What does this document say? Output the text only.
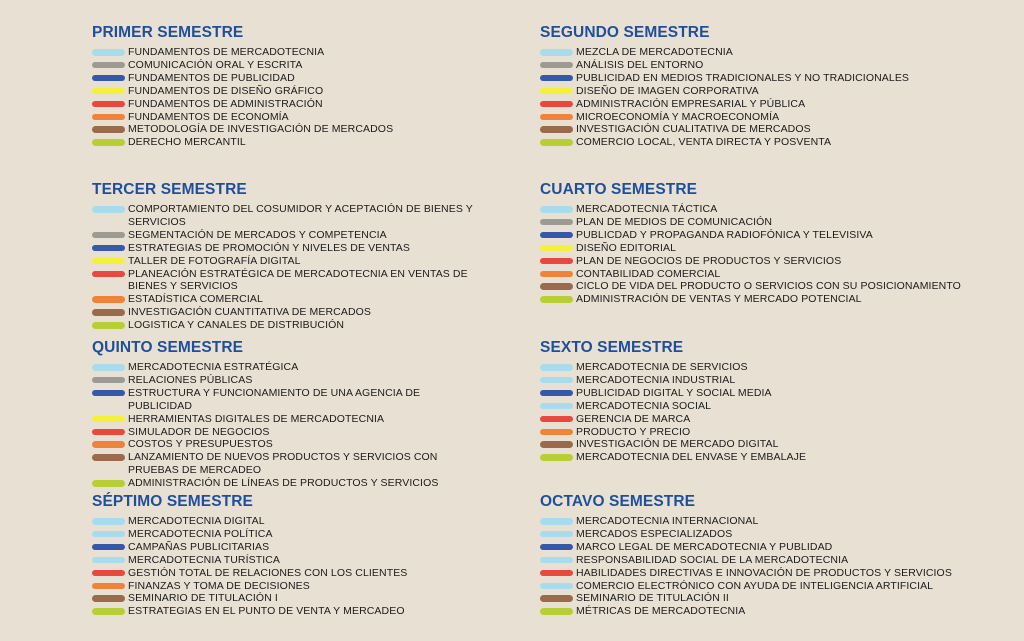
PRIMER SEMESTRE
FUNDAMENTOS DE MERCADOTECNIA
COMUNICACIÓN ORAL Y ESCRITA
FUNDAMENTOS DE PUBLICIDAD
FUNDAMENTOS DE DISEÑO GRÁFICO
FUNDAMENTOS DE ADMINISTRACIÓN
FUNDAMENTOS DE ECONOMÍA
METODOLOGÍA DE INVESTIGACIÓN DE MERCADOS
DERECHO MERCANTIL
SEGUNDO SEMESTRE
MEZCLA DE MERCADOTECNIA
ANÁLISIS DEL ENTORNO
PUBLICIDAD EN MEDIOS TRADICIONALES Y NO TRADICIONALES
DISEÑO DE IMAGEN CORPORATIVA
ADMINISTRACIÓN EMPRESARIAL Y PÚBLICA
MICROECONOMÍA Y MACROECONOMÍA
INVESTIGACIÓN CUALITATIVA DE MERCADOS
COMERCIO LOCAL, VENTA DIRECTA Y POSVENTA
TERCER SEMESTRE
COMPORTAMIENTO DEL COSUMIDOR Y ACEPTACIÓN DE BIENES Y SERVICIOS
SEGMENTACIÓN DE MERCADOS Y COMPETENCIA
ESTRATEGIAS DE PROMOCIÓN Y NIVELES DE VENTAS
TALLER DE FOTOGRAFÍA DIGITAL
PLANEACIÓN ESTRATÉGICA DE MERCADOTECNIA EN VENTAS DE BIENES Y SERVICIOS
ESTADÍSTICA COMERCIAL
INVESTIGACIÓN CUANTITATIVA DE MERCADOS
LOGISTICA Y CANALES DE DISTRIBUCIÓN
CUARTO SEMESTRE
MERCADOTECNIA TÁCTICA
PLAN DE MEDIOS DE COMUNICACIÓN
PUBLICDAD Y PROPAGANDA RADIOFÓNICA Y TELEVISIVA
DISEÑO EDITORIAL
PLAN DE NEGOCIOS DE PRODUCTOS Y SERVICIOS
CONTABILIDAD COMERCIAL
CICLO DE VIDA DEL PRODUCTO O SERVICIOS CON SU POSICIONAMIENTO
ADMINISTRACIÓN DE VENTAS Y MERCADO POTENCIAL
QUINTO SEMESTRE
MERCADOTECNIA ESTRATÉGICA
RELACIONES PÚBLICAS
ESTRUCTURA Y FUNCIONAMIENTO DE UNA AGENCIA DE PUBLICIDAD
HERRAMIENTAS DIGITALES DE MERCADOTECNIA
SIMULADOR DE NEGOCIOS
COSTOS Y PRESUPUESTOS
LANZAMIENTO DE NUEVOS PRODUCTOS Y SERVICIOS CON PRUEBAS DE MERCADEO
ADMINISTRACIÓN DE LÍNEAS DE PRODUCTOS Y SERVICIOS
SEXTO SEMESTRE
MERCADOTECNIA DE SERVICIOS
MERCADOTECNIA INDUSTRIAL
PUBLICIDAD DIGITAL Y SOCIAL MEDIA
MERCADOTECNIA SOCIAL
GERENCIA DE MARCA
PRODUCTO Y PRECIO
INVESTIGACIÓN DE MERCADO DIGITAL
MERCADOTECNIA DEL ENVASE Y EMBALAJE
SÉPTIMO SEMESTRE
MERCADOTECNIA DIGITAL
MERCADOTECNIA POLÍTICA
CAMPAÑAS PUBLICITARIAS
MERCADOTECNIA TURÍSTICA
GESTIÓN TOTAL DE RELACIONES CON LOS CLIENTES
FINANZAS Y TOMA DE DECISIONES
SEMINARIO DE TITULACIÓN I
ESTRATEGIAS EN EL PUNTO DE VENTA Y MERCADEO
OCTAVO SEMESTRE
MERCADOTECNIA INTERNACIONAL
MERCADOS ESPECIALIZADOS
MARCO LEGAL DE MERCADOTECNIA Y PUBLIDAD
RESPONSABILIDAD SOCIAL DE LA MERCADOTECNIA
HABILIDADES DIRECTIVAS E INNOVACIÓN DE PRODUCTOS Y SERVICIOS
COMERCIO ELECTRÓNICO CON AYUDA DE INTELIGENCIA ARTIFICIAL
SEMINARIO DE TITULACIÓN II
MÉTRICAS DE MERCADOTECNIA
